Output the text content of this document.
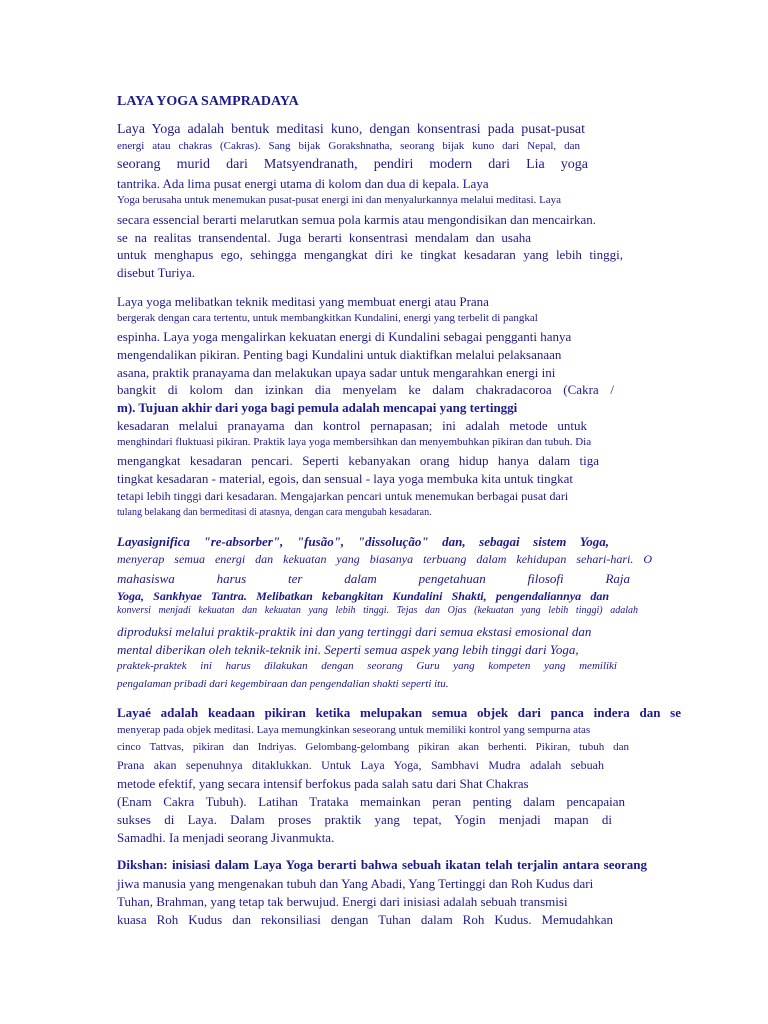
LAYA YOGA SAMPRADAYA
Laya Yoga adalah bentuk meditasi kuno, dengan konsentrasi pada pusat-pusat
energi atau chakras (Cakras). Sang bijak Gorakshnatha, seorang bijak kuno dari Nepal, dan
seorang murid dari Matsyendranath, pendiri modern dari Lia yoga
tantrika. Ada lima pusat energi utama di kolom dan dua di kepala. Laya
Yoga berusaha untuk menemukan pusat-pusat energi ini dan menyalurkannya melalui meditasi. Laya
secara essencial berarti melarutkan semua pola karmis atau mengondisikan dan mencairkan.
se na realitas transendental. Juga berarti konsentrasi mendalam dan usaha
untuk menghapus ego, sehingga mengangkat diri ke tingkat kesadaran yang lebih tinggi,
disebut Turiya.
Laya yoga melibatkan teknik meditasi yang membuat energi atau Prana
bergerak dengan cara tertentu, untuk membangkitkan Kundalini, energi yang terbelit di pangkal
espinha. Laya yoga mengalirkan kekuatan energi di Kundalini sebagai pengganti hanya
mengendalikan pikiran. Penting bagi Kundalini untuk diaktifkan melalui pelaksanaan
asana, praktik pranayama dan melakukan upaya sadar untuk mengarahkan energi ini
bangkit di kolom dan izinkan dia menyelam ke dalam chakradacoroa (Cakra /
m). Tujuan akhir dari yoga bagi pemula adalah mencapai yang tertinggi
kesadaran melalui pranayama dan kontrol pernapasan; ini adalah metode untuk
menghindari fluktuasi pikiran. Praktik laya yoga membersihkan dan menyembuhkan pikiran dan tubuh. Dia
mengangkat kesadaran pencari. Seperti kebanyakan orang hidup hanya dalam tiga
tingkat kesadaran - material, egois, dan sensual - laya yoga membuka kita untuk tingkat
tetapi lebih tinggi dari kesadaran. Mengajarkan pencari untuk menemukan berbagai pusat dari
tulang belakang dan bermeditasi di atasnya, dengan cara mengubah kesadaran.
Layasignifica "re-absorber", "fusão", "dissolução" dan, sebagai sistem Yoga,
menyerap semua energi dan kekuatan yang biasanya terbuang dalam kehidupan sehari-hari. O
mahasiswa harus ter dalam pengetahuan filosofi Raja
Yoga, Sankhyae Tantra. Melibatkan kebangkitan Kundalini Shakti, pengendaliannya dan
konversi menjadi kekuatan dan kekuatan yang lebih tinggi. Tejas dan Ojas (kekuatan yang lebih tinggi) adalah
diproduksi melalui praktik-praktik ini dan yang tertinggi dari semua ekstasi emosional dan
mental diberikan oleh teknik-teknik ini. Seperti semua aspek yang lebih tinggi dari Yoga,
praktek-praktek ini harus dilakukan dengan seorang Guru yang kompeten yang memiliki
pengalaman pribadi dari kegembiraan dan pengendalian shakti seperti itu.
Layaé adalah keadaan pikiran ketika melupakan semua objek dari panca indera dan se
menyerap pada objek meditasi. Laya memungkinkan seseorang untuk memiliki kontrol yang sempurna atas
cinco Tattvas, pikiran dan Indriyas. Gelombang-gelombang pikiran akan berhenti. Pikiran, tubuh dan
Prana akan sepenuhnya ditaklukkan. Untuk Laya Yoga, Sambhavi Mudra adalah sebuah
metode efektif, yang secara intensif berfokus pada salah satu dari Shat Chakras
(Enam Cakra Tubuh). Latihan Trataka memainkan peran penting dalam pencapaian
sukses di Laya. Dalam proses praktik yang tepat, Yogin menjadi mapan di
Samadhi. Ia menjadi seorang Jivanmukta.
Dikshan: inisiasi dalam Laya Yoga berarti bahwa sebuah ikatan telah terjalin antara seorang
jiwa manusia yang mengenakan tubuh dan Yang Abadi, Yang Tertinggi dan Roh Kudus dari
Tuhan, Brahman, yang tetap tak berwujud. Energi dari inisiasi adalah sebuah transmisi
kuasa Roh Kudus dan rekonsiliasi dengan Tuhan dalam Roh Kudus. Memudahkan
